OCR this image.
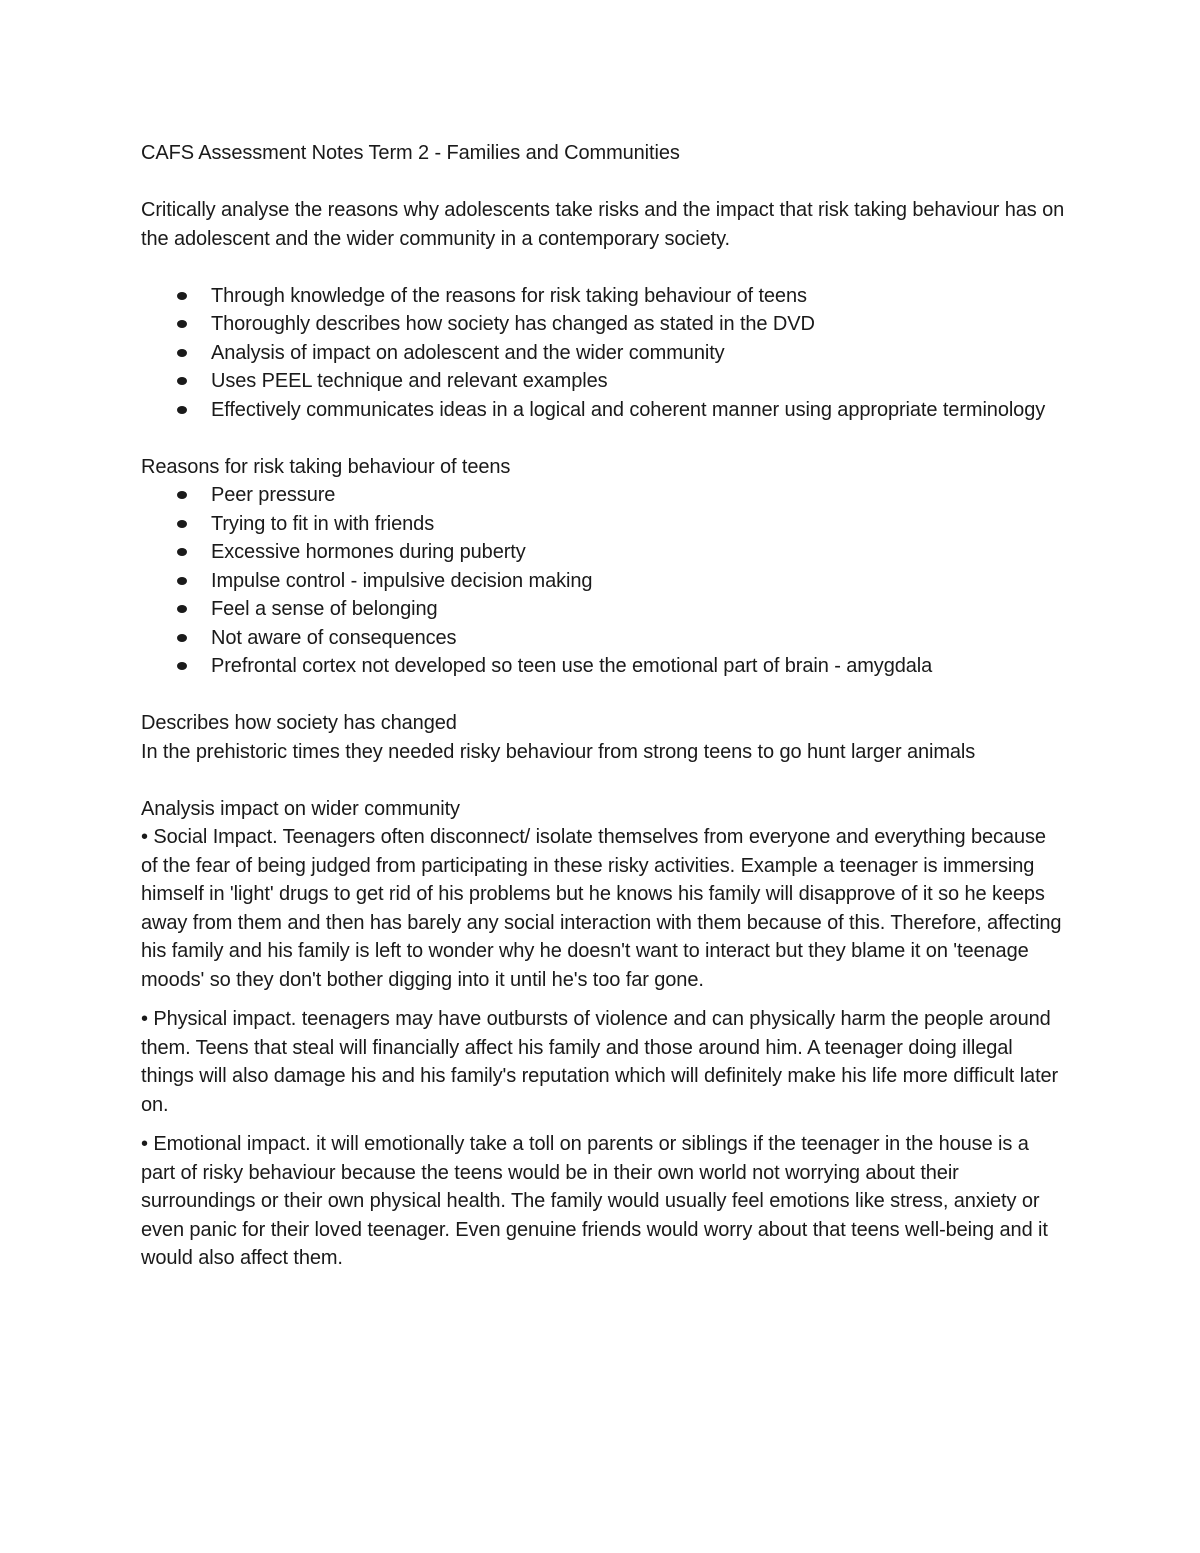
CAFS Assessment Notes Term 2 - Families and Communities

Critically analyse the reasons why adolescents take risks and the impact that risk taking behaviour has on the adolescent and the wider community in a contemporary society.

Through knowledge of the reasons for risk taking behaviour of teens
Thoroughly describes how society has changed as stated in the DVD
Analysis of impact on adolescent and the wider community
Uses PEEL technique and relevant examples
Effectively communicates ideas in a logical and coherent manner using appropriate terminology

Reasons for risk taking behaviour of teens

Peer pressure
Trying to fit in with friends
Excessive hormones during puberty
Impulse control - impulsive decision making
Feel a sense of belonging
Not aware of consequences
Prefrontal cortex not developed so teen use the emotional part of brain - amygdala

Describes how society has changed

In the prehistoric times they needed risky behaviour from strong teens to go hunt larger animals

Analysis impact on wider community

• Social Impact. Teenagers often disconnect/ isolate themselves from everyone and everything because of the fear of being judged from participating in these risky activities. Example a teenager is immersing himself in 'light' drugs to get rid of his problems but he knows his family will disapprove of it so he keeps away from them and then has barely any social interaction with them because of this. Therefore, affecting his family and his family is left to wonder why he doesn't want to interact but they blame it on 'teenage moods' so they don't bother digging into it until he's too far gone.

• Physical impact. teenagers may have outbursts of violence and can physically harm the people around them. Teens that steal will financially affect his family and those around him. A teenager doing illegal things will also damage his and his family's reputation which will definitely make his life more difficult later on.

• Emotional impact. it will emotionally take a toll on parents or siblings if the teenager in the house is a part of risky behaviour because the teens would be in their own world not worrying about their surroundings or their own physical health. The family would usually feel emotions like stress, anxiety or even panic for their loved teenager. Even genuine friends would worry about that teens well-being and it would also affect them.
